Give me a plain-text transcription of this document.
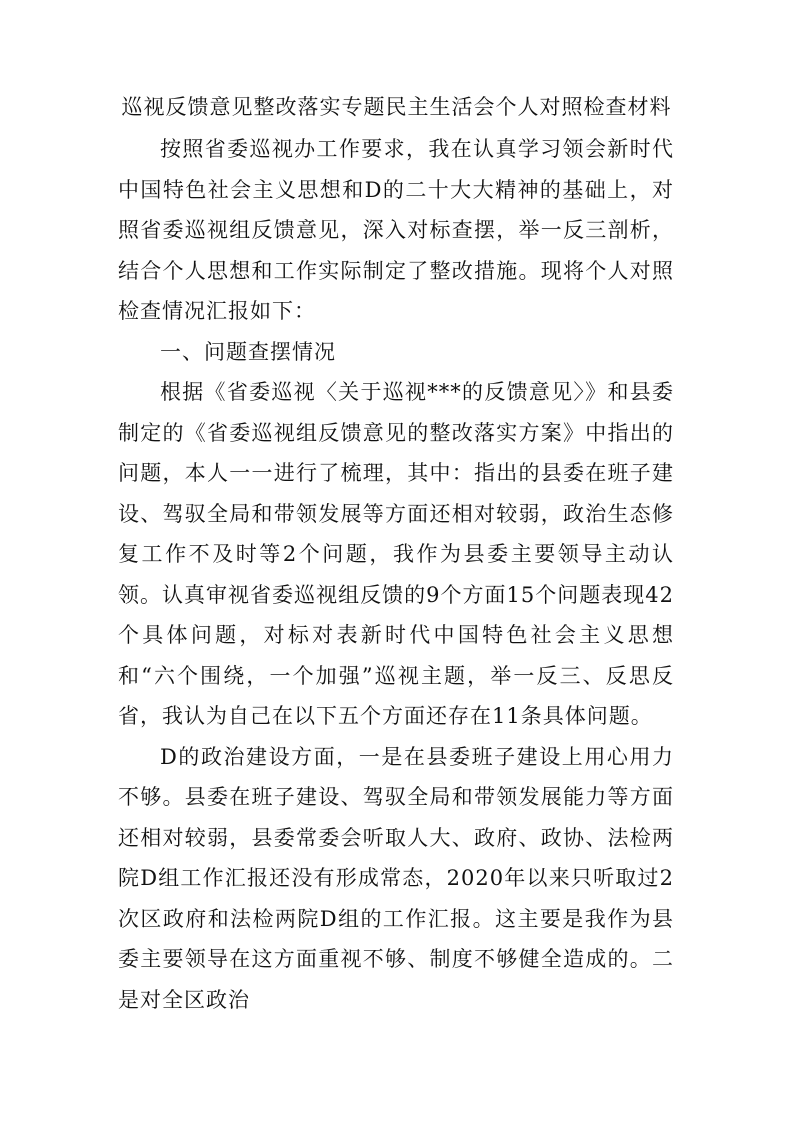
巡视反馈意见整改落实专题民主生活会个人对照检查材料

按照省委巡视办工作要求，我在认真学习领会新时代中国特色社会主义思想和D的二十大大精神的基础上，对照省委巡视组反馈意见，深入对标查摆，举一反三剖析，结合个人思想和工作实际制定了整改措施。现将个人对照检查情况汇报如下：

一、问题查摆情况

根据《省委巡视〈关于巡视***的反馈意见〉》和县委制定的《省委巡视组反馈意见的整改落实方案》中指出的问题，本人一一进行了梳理，其中：指出的县委在班子建设、驾驭全局和带领发展等方面还相对较弱，政治生态修复工作不及时等2个问题，我作为县委主要领导主动认领。认真审视省委巡视组反馈的9个方面15个问题表现42个具体问题，对标对表新时代中国特色社会主义思想和“六个围绕，一个加强”巡视主题，举一反三、反思反省，我认为自己在以下五个方面还存在11条具体问题。

D的政治建设方面，一是在县委班子建设上用心用力不够。县委在班子建设、驾驭全局和带领发展能力等方面还相对较弱，县委常委会听取人大、政府、政协、法检两院D组工作汇报还没有形成常态，2020年以来只听取过2次区政府和法检两院D组的工作汇报。这主要是我作为县委主要领导在这方面重视不够、制度不够健全造成的。二是对全区政治
